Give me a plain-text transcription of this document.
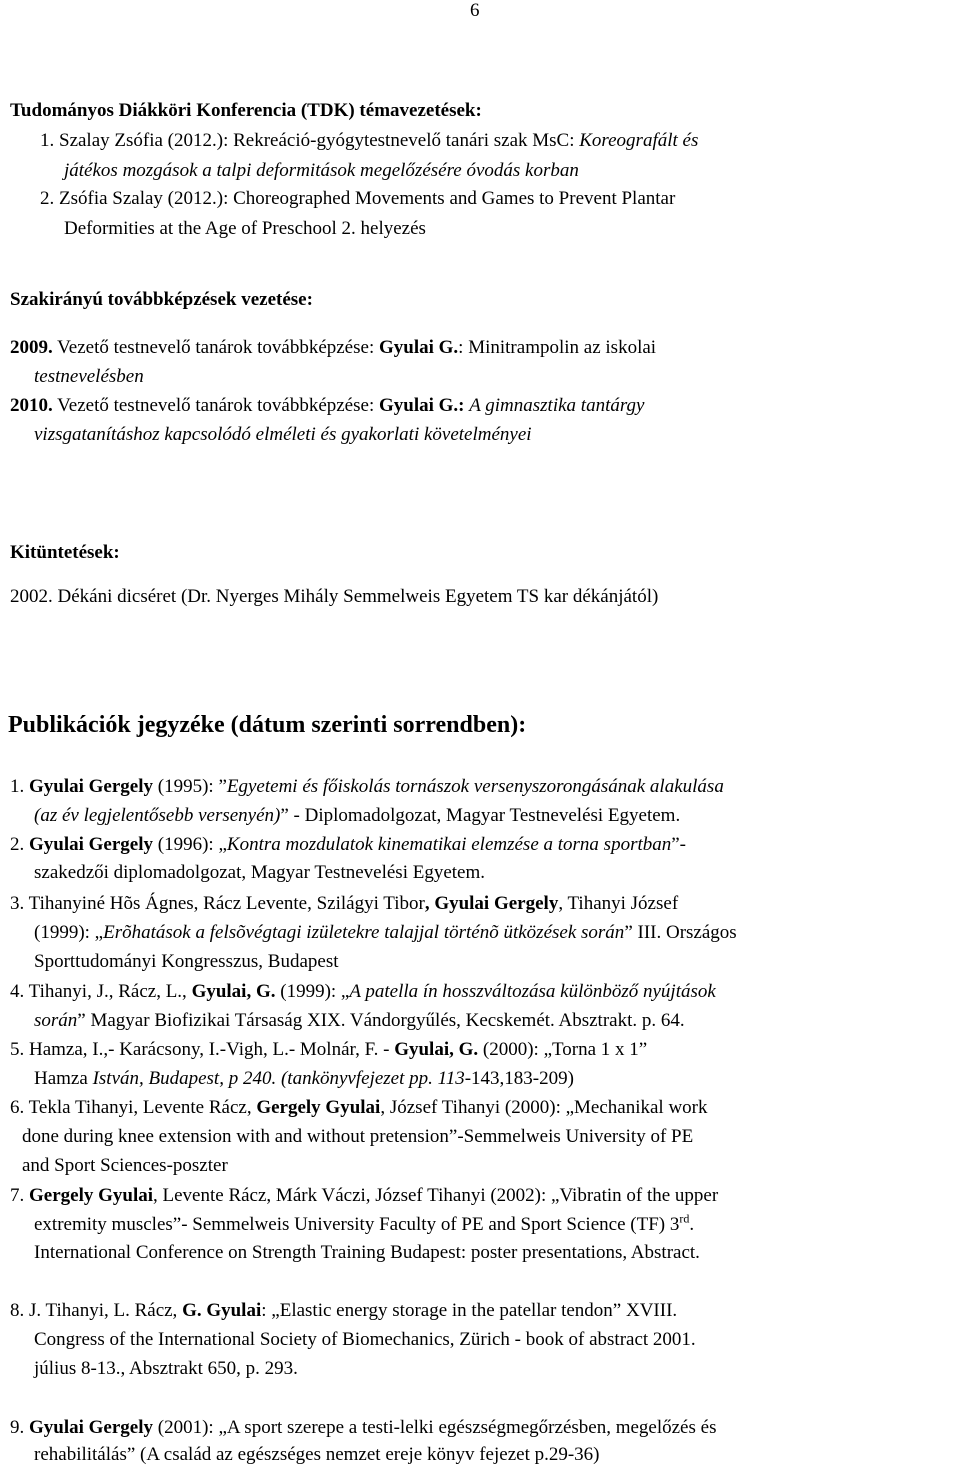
6
Tudományos Diákköri Konferencia (TDK) témavezetések:
1. Szalay Zsófia (2012.): Rekreáció-gyógytestnevelő tanári szak MsC: Koreografált és
játékos mozgások a talpi deformitások megelőzésére óvodás korban
2. Zsófia Szalay (2012.): Choreographed Movements and Games to Prevent Plantar
Deformities at the Age of Preschool 2. helyezés
Szakirányú továbbképzések vezetése:
2009. Vezető testnevelő tanárok továbbképzése: Gyulai G.: Minitrampolin az iskolai
testnevelésben
2010. Vezető testnevelő tanárok továbbképzése: Gyulai G.: A gimnasztika tantárgy
vizsgatanításhoz kapcsolódó elméleti és gyakorlati követelményei
Kitüntetések:
2002. Dékáni dicséret (Dr. Nyerges Mihály Semmelweis Egyetem TS kar dékánjától)
Publikációk jegyzéke (dátum szerinti sorrendben):
1. Gyulai Gergely (1995): ”Egyetemi és főiskolás tornászok versenyszorongásának alakulása
(az év legjelentősebb versenyén)” - Diplomadolgozat, Magyar Testnevelési Egyetem.
2. Gyulai Gergely (1996): „Kontra mozdulatok kinematikai elemzése a torna sportban”-
szakedzői diplomadolgozat, Magyar Testnevelési Egyetem.
3. Tihanyiné Hõs Ágnes, Rácz Levente, Szilágyi Tibor, Gyulai Gergely, Tihanyi József
(1999): „Erõhatások a felsõvégtagi izületekre talajjal történõ ütközések során” III. Országos
Sporttudományi Kongresszus, Budapest
4. Tihanyi, J., Rácz, L., Gyulai, G. (1999): „A patella ín hosszváltozása különböző nyújtások
során” Magyar Biofizikai Társaság XIX. Vándorgyűlés, Kecskemét. Absztrakt. p. 64.
5. Hamza, I.,- Karácsony, I.-Vigh, L.- Molnár, F. - Gyulai, G. (2000): „Torna 1 x 1”
Hamza István, Budapest, p 240. (tankönyvfejezet pp. 113-143,183-209)
6. Tekla Tihanyi, Levente Rácz, Gergely Gyulai, József Tihanyi (2000): „Mechanikal work
done during knee extension with and without pretension”-Semmelweis University of PE
and Sport Sciences-poszter
7. Gergely Gyulai, Levente Rácz, Márk Váczi, József Tihanyi (2002): „Vibratin of the upper
extremity muscles”- Semmelweis University Faculty of PE and Sport Science (TF) 3rd.
International Conference on Strength Training Budapest: poster presentations, Abstract.
8. J. Tihanyi, L. Rácz, G. Gyulai: „Elastic energy storage in the patellar tendon” XVIII.
Congress of the International Society of Biomechanics, Zürich - book of abstract 2001.
július 8-13., Abszt​rakt 650, p. 293.
9. Gyulai Gergely (2001): „A sport szerepe a testi-lelki egészségmegőrzésben, megelőzés és
rehabilitálás” (A család az egészséges nemzet ereje könyv fejezet p.29-36)
